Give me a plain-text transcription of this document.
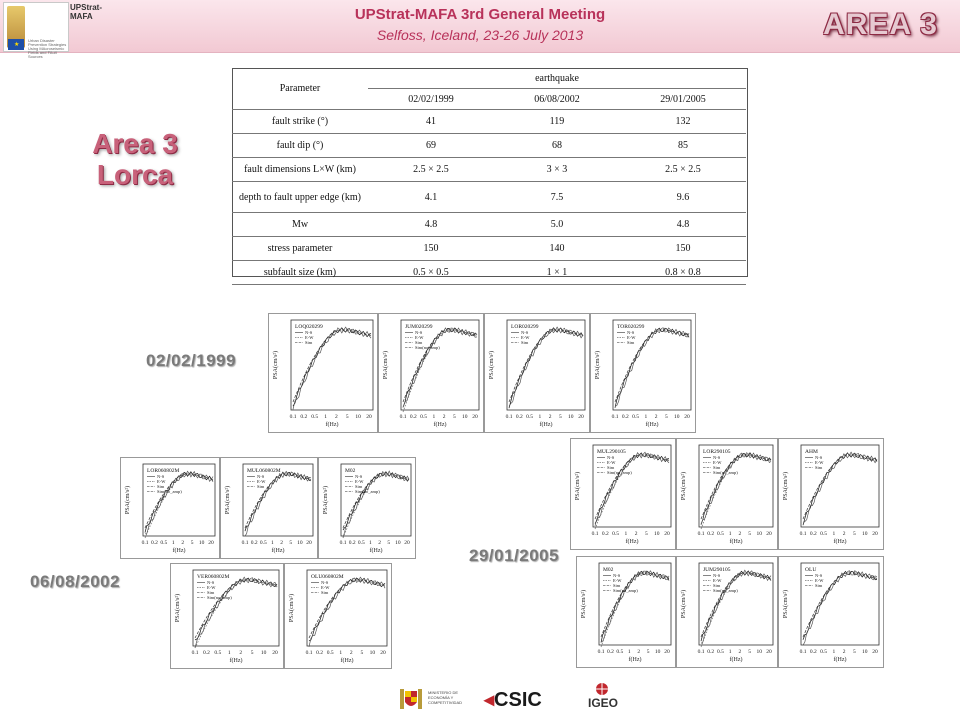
★
Urban Disaster Prevention Strategies Using MAcroseismic Fields and FAult Sources
UPStrat-MAFA	UPStrat-MAFA 3rd General Meeting
Selfoss, Iceland, 23-26 July 2013	AREA 3
Area 3
Lorca
Parameter	earthquake		
	02/02/1999	06/08/2002	29/01/2005
fault strike (°)	41	119	132
fault dip (°)	69	68	85
fault dimensions L×W (km)	2.5 × 2.5	3 × 3	2.5 × 2.5
depth to fault upper edge (km)	4.1	7.5	9.6
Mw	4.8	5.0	4.8
stress parameter	150	140	150
subfault size (km)	0.5 × 0.5	1 × 1	0.8 × 0.8
02/02/1999
06/08/2002
29/01/2005
PSA(cm/s²)
0.1 0.2 0.5 1 2 5 10 20
f(Hz)
LOQ020299
N-S
E-W
Sim
PSA(cm/s²)
0.1 0.2 0.5 1 2 5 10 20
f(Hz)
JUM020299
N-S
E-W
Sim
Sim(no_amp)
PSA(cm/s²)
0.1 0.2 0.5 1 2 5 10 20
f(Hz)
LOR020299
N-S
E-W
Sim
PSA(cm/s²)
0.1 0.2 0.5 1 2 5 10 20
f(Hz)
TOR020299
N-S
E-W
Sim
PSA(cm/s²)
0.1 0.2 0.5 1 2 5 10 20
f(Hz)
LOR060802M
N-S
E-W
Sim
Sim(no_amp)	PSA(cm/s²)
0.1 0.2 0.5 1 2 5 10 20
f(Hz)
MUL060802M
N-S
E-W
Sim	PSA(cm/s²)
0.1 0.2 0.5 1 2 5 10 20
f(Hz)
M02
N-S
E-W
Sim
Sim(no_amp)
PSA(cm/s²)
0.1 0.2 0.5 1 2 5 10 20
f(Hz)
VER060802M
N-S
E-W
Sim
Sim(no_amp)	PSA(cm/s²)
0.1 0.2 0.5 1 2 5 10 20
f(Hz)
OLU060802M
N-S
E-W
Sim
PSA(cm/s²)
0.1 0.2 0.5 1 2 5 10 20
f(Hz)
MUL290105
N-S
E-W
Sim
Sim(no_amp)	PSA(cm/s²)
0.1 0.2 0.5 1 2 5 10 20
f(Hz)
LOR290105
N-S
E-W
Sim
Sim(no_amp)	PSA(cm/s²)
0.1 0.2 0.5 1 2 5 10 20
f(Hz)
AHM
N-S
E-W
Sim
PSA(cm/s²)
0.1 0.2 0.5 1 2 5 10 20
f(Hz)
M02
N-S
E-W
Sim
Sim(no_amp)	PSA(cm/s²)
0.1 0.2 0.5 1 2 5 10 20
f(Hz)
JUM290105
N-S
E-W
Sim
Sim(no_amp)	PSA(cm/s²)
0.1 0.2 0.5 1 2 5 10 20
f(Hz)
OLU
N-S
E-W
Sim
MINISTERIO DE ECONOMÍA Y COMPETITIVIDAD	◂CSIC	IGEO
